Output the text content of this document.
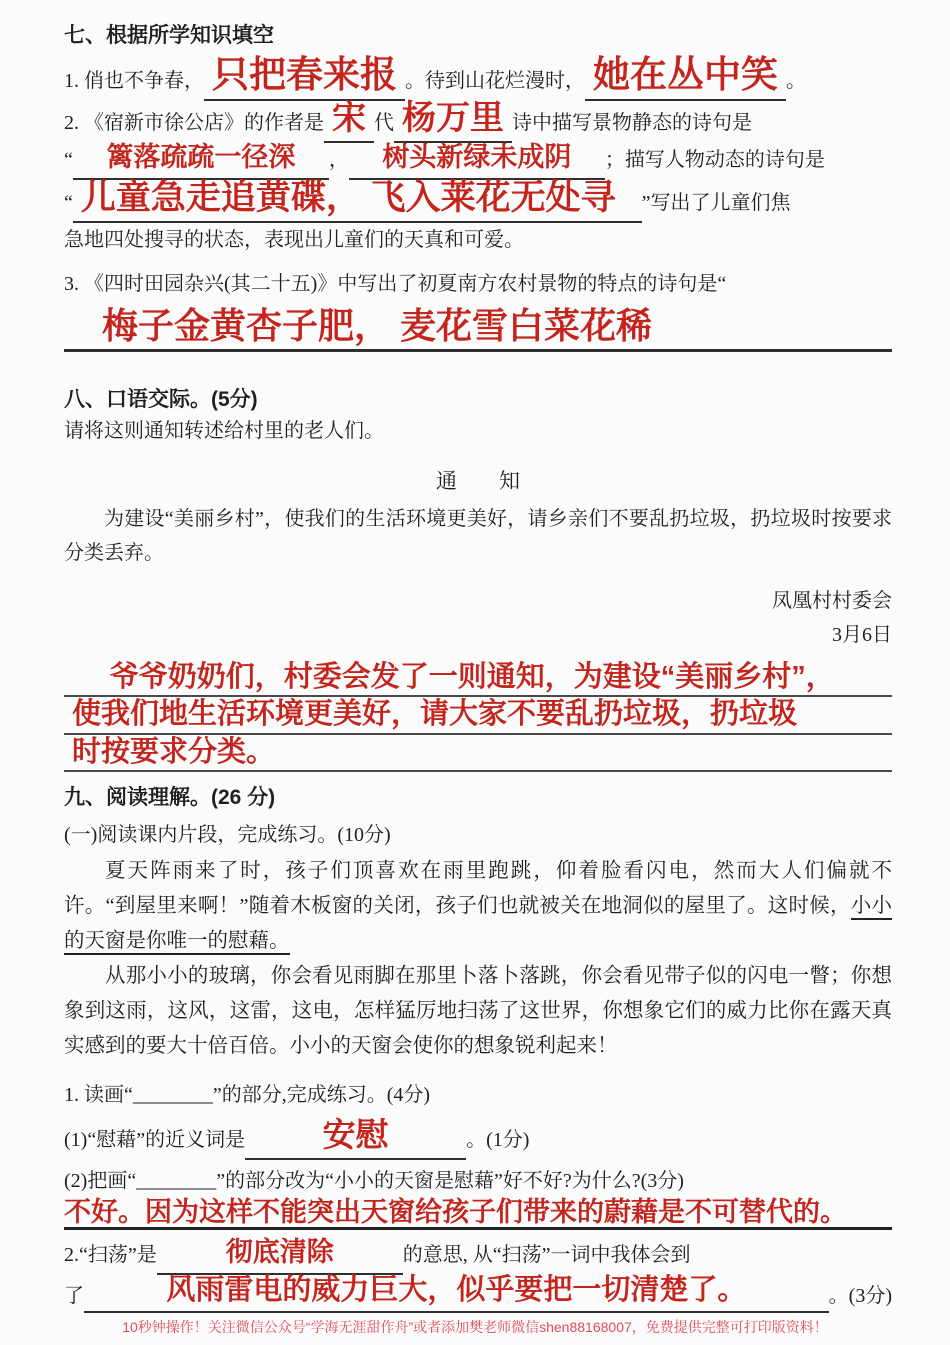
七、根据所学知识填空
1. 俏也不争春， 只把春来报 。待到山花烂漫时， 她在丛中笑 。
2. 《宿新市徐公店》的作者是 宋 代 杨万里 诗中描写景物静态的诗句是
“ 篱落疏疏一径深 ， 树头新绿未成阴 ；描写人物动态的诗句是
“ 儿童急走追黄碟， 飞入莱花无处寻 ”写出了儿童们焦
急地四处搜寻的状态，表现出儿童们的天真和可爱。
3. 《四时田园杂兴(其二十五)》中写出了初夏南方农村景物的特点的诗句是“
梅子金黄杏子肥， 麦花雪白菜花稀
八、口语交际。(5分)
请将这则通知转述给村里的老人们。
通　　知
为建设“美丽乡村”，使我们的生活环境更美好，请乡亲们不要乱扔垃圾，扔垃圾时按要求分类丢弃。
凤凰村村委会
3月6日
爷爷奶奶们，村委会发了一则通知，为建设“美丽乡村”，
使我们地生活环境更美好，请大家不要乱扔垃圾，扔垃圾
时按要求分类。
九、阅读理解。(26 分)
(一)阅读课内片段，完成练习。(10分)
夏天阵雨来了时，孩子们顶喜欢在雨里跑跳，仰着脸看闪电，然而大人们偏就不许。“到屋里来啊！”随着木板窗的关闭，孩子们也就被关在地洞似的屋里了。这时候，小小的天窗是你唯一的慰藉。
从那小小的玻璃，你会看见雨脚在那里卜落卜落跳，你会看见带子似的闪电一瞥；你想象到这雨，这风，这雷，这电，怎样猛厉地扫荡了这世界，你想象它们的威力比你在露天真实感到的要大十倍百倍。小小的天窗会使你的想象锐利起来！
1. 读画“________”的部分,完成练习。(4分)
(1)“慰藉”的近义词是 安慰	。(1分)
(2)把画“________”的部分改为“小小的天窗是慰藉”好不好?为什么?(3分)
不好。因为这样不能突出天窗给孩子们带来的蔚藉是不可替代的。
2.“扫荡”是	彻底清除	的意思, 从“扫荡”一词中我体会到
了	风雨雷电的威力巨大，似乎要把一切清楚了。	。(3分)
10秒钟操作！关注微信公众号“学海无涯甜作舟”或者添加樊老师微信shen88168007，免费提供完整可打印版资料！
